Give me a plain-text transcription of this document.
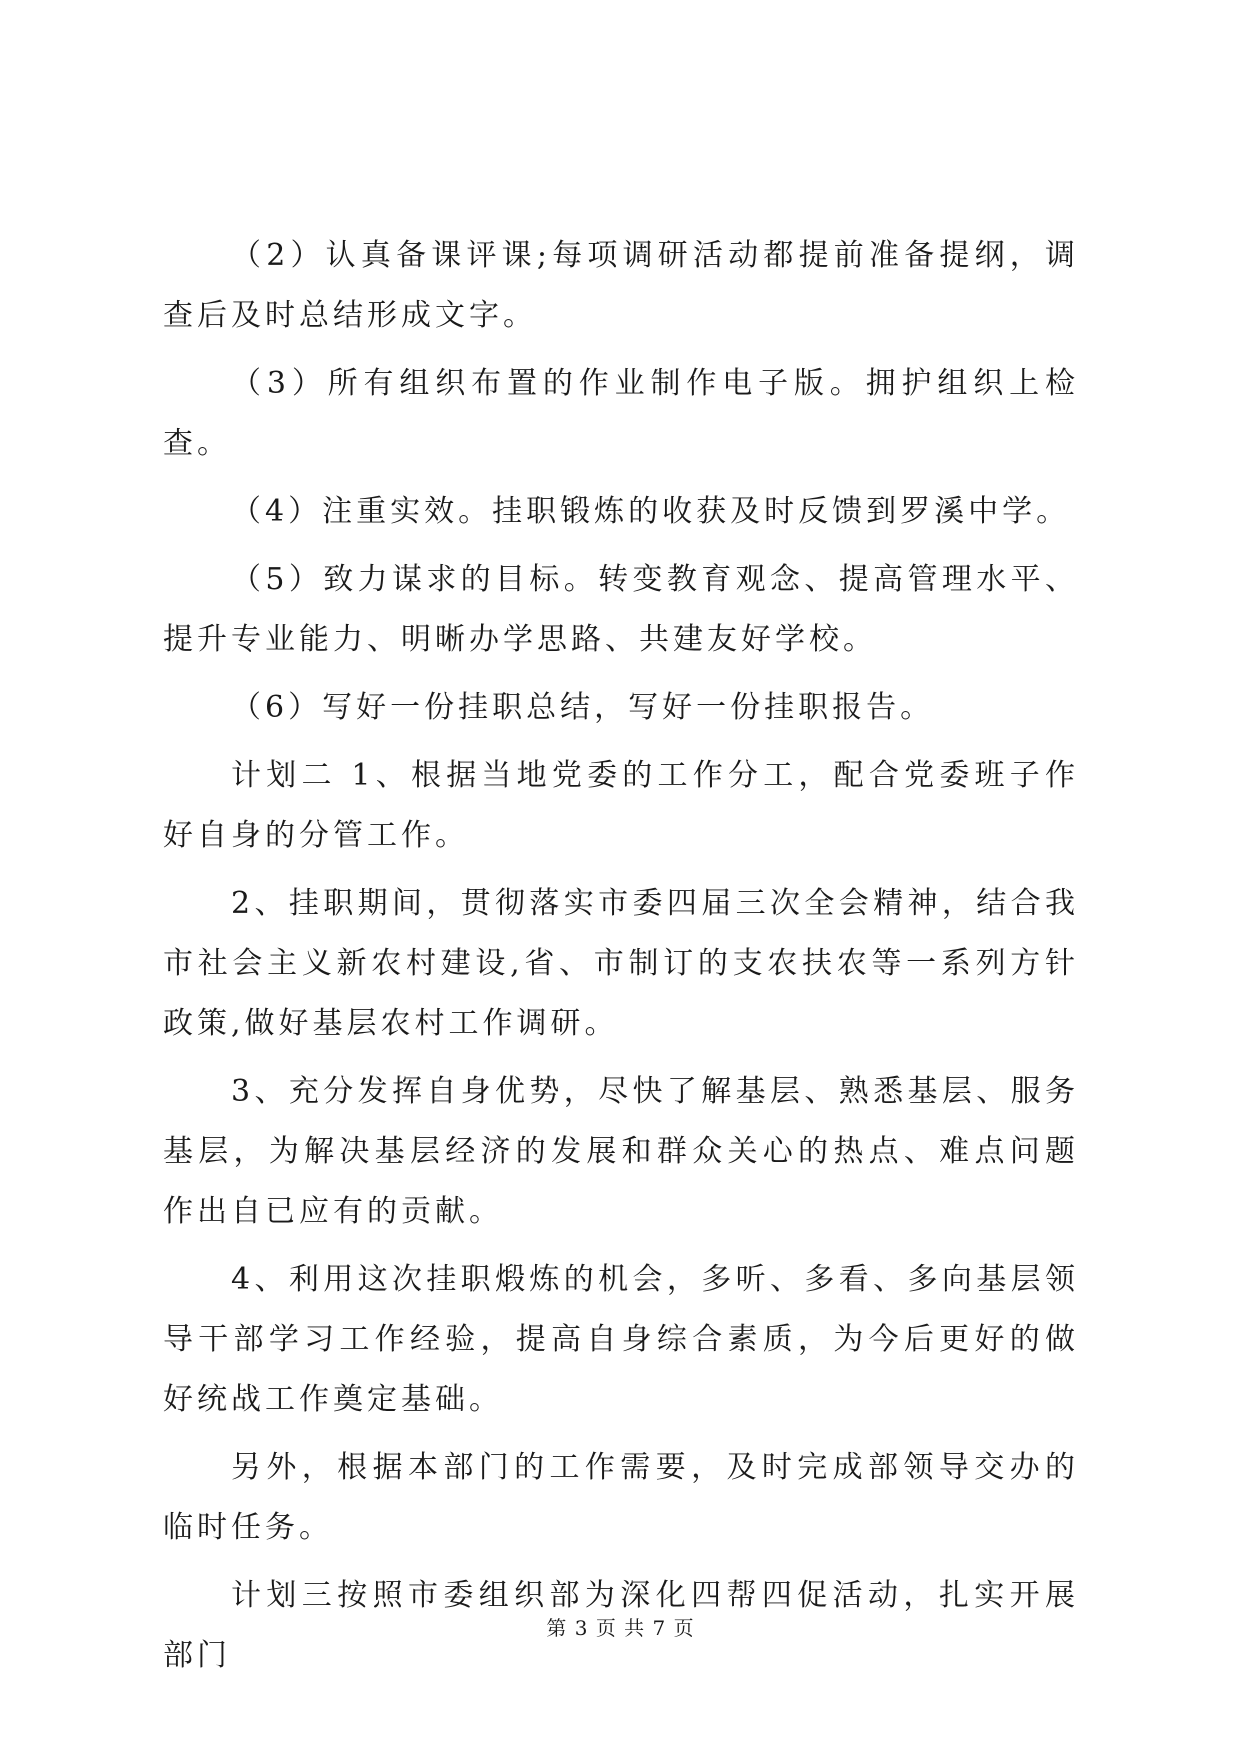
（2）认真备课评课;每项调研活动都提前准备提纲，调查后及时总结形成文字。

（3）所有组织布置的作业制作电子版。拥护组织上检查。

（4）注重实效。挂职锻炼的收获及时反馈到罗溪中学。

（5）致力谋求的目标。转变教育观念、提高管理水平、提升专业能力、明晰办学思路、共建友好学校。

（6）写好一份挂职总结，写好一份挂职报告。

计划二 1、根据当地党委的工作分工，配合党委班子作好自身的分管工作。

2、挂职期间，贯彻落实市委四届三次全会精神，结合我市社会主义新农村建设,省、市制订的支农扶农等一系列方针政策,做好基层农村工作调研。

3、充分发挥自身优势，尽快了解基层、熟悉基层、服务基层，为解决基层经济的发展和群众关心的热点、难点问题作出自已应有的贡献。

4、利用这次挂职煅炼的机会，多听、多看、多向基层领导干部学习工作经验，提高自身综合素质，为今后更好的做好统战工作奠定基础。

另外，根据本部门的工作需要，及时完成部领导交办的临时任务。

计划三按照市委组织部为深化四帮四促活动，扎实开展部门

第 3 页 共 7 页
